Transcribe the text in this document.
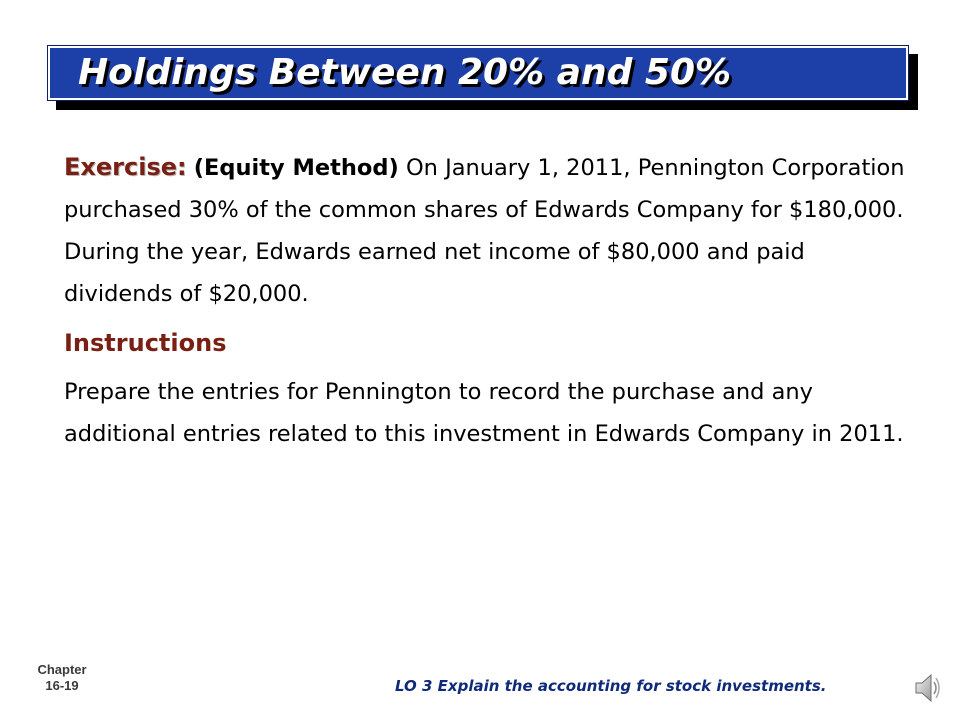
Holdings Between 20% and 50%

Exercise: (Equity Method) On January 1, 2011, Pennington Corporation purchased 30% of the common shares of Edwards Company for $180,000. During the year, Edwards earned net income of $80,000 and paid dividends of $20,000.

Instructions

Prepare the entries for Pennington to record the purchase and any additional entries related to this investment in Edwards Company in 2011.

Chapter
16-19	LO 3 Explain the accounting for stock investments.
